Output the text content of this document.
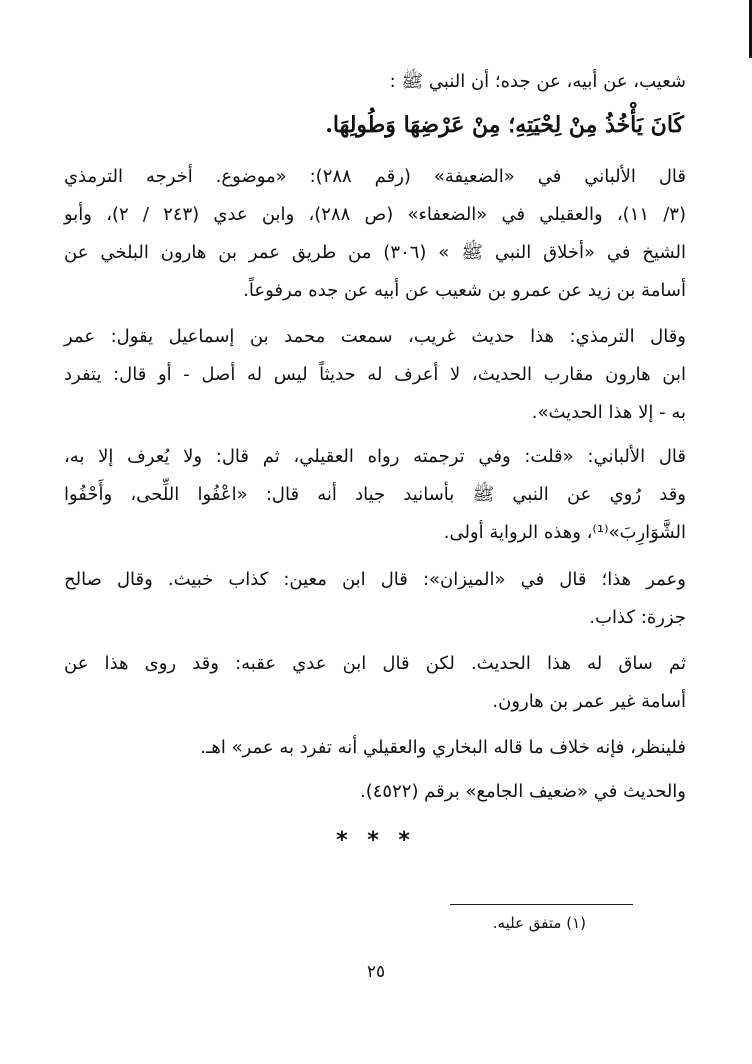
شعيب، عن أبيه، عن جده؛ أن النبي ﷺ :
كَانَ يَأْخُذُ مِنْ لِحْيَتِهِ؛ مِنْ عَرْضِهَا وَطُولِهَا.
قال الألباني في «الضعيفة» (رقم ٢٨٨): «موضوع. أخرجه الترمذي
(٣/ ١١)، والعقيلي في «الضعفاء» (ص ٢٨٨)، وابن عدي (٢٤٣ / ٢)، وأبو
الشيخ في «أخلاق النبي ﷺ » (٣٠٦) من طريق عمر بن هارون البلخي عن
أسامة بن زيد عن عمرو بن شعيب عن أبيه عن جده مرفوعاً.
وقال الترمذي: هذا حديث غريب، سمعت محمد بن إسماعيل يقول: عمر
ابن هارون مقارب الحديث، لا أعرف له حديثاً ليس له أصل - أو قال: يتفرد
به - إلا هذا الحديث».
قال الألباني: «قلت: وفي ترجمته رواه العقيلي، ثم قال: ولا يُعرف إلا به،
وقد رُوي عن النبي ﷺ بأسانيد جياد أنه قال: «اعْفُوا اللِّحى، وأَحْفُوا
الشَّوَارِبَ»⁽¹⁾، وهذه الرواية أولى.
وعمر هذا؛ قال في «الميزان»: قال ابن معين: كذاب خبيث. وقال صالح
جزرة: كذاب.
ثم ساق له هذا الحديث. لكن قال ابن عدي عقبه: وقد روى هذا عن
أسامة غير عمر بن هارون.
فلينظر، فإنه خلاف ما قاله البخاري والعقيلي أنه تفرد به عمر» اهـ.
والحديث في «ضعيف الجامع» برقم (٤٥٢٢).
* * *
(١) متفق عليه.
٢٥
